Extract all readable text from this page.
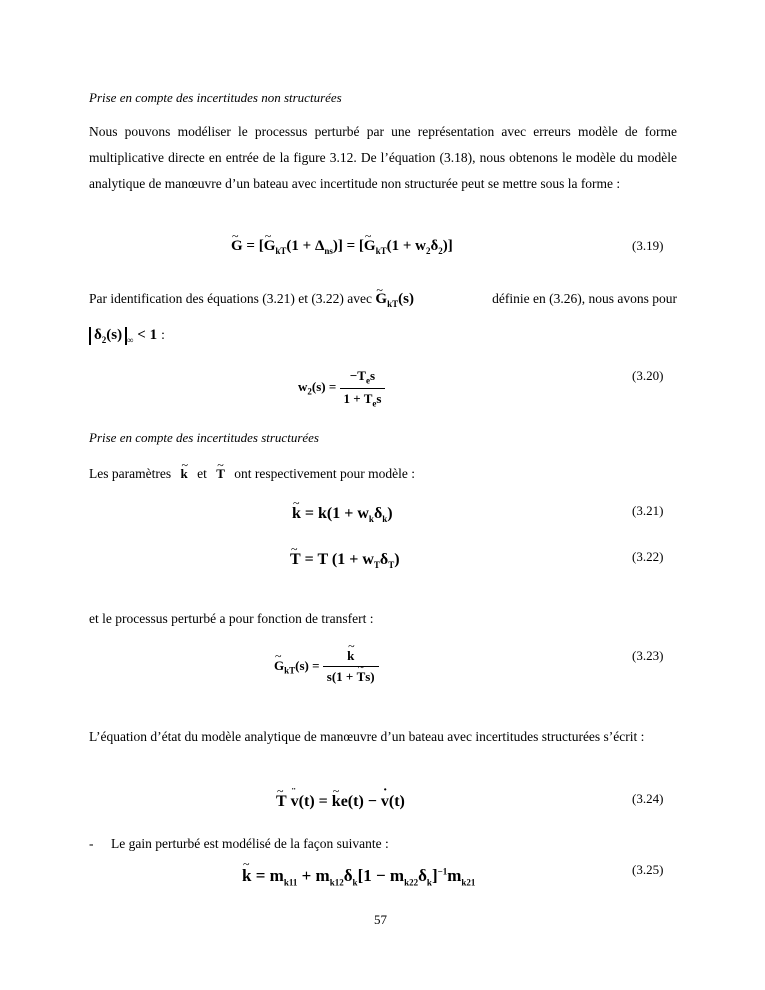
Prise en compte des incertitudes non structurées
Nous pouvons modéliser le processus perturbé par une représentation avec erreurs modèle de forme multiplicative directe en entrée de la figure 3.12. De l’équation (3.18), nous obtenons le modèle du modèle analytique de manœuvre d’un bateau avec incertitude non structurée peut se mettre sous la forme :
~ G = [~ $G_{kT}(1 + \Delta_{ns})$] = [~ $G_{kT}(1 + w_2\delta_2)$]	(3.19)
Par identification des équations (3.21) et (3.22) avec ~ $G_{kT}(s)$	définie en (3.26), nous avons pour
$\delta_2(s) _\infty < 1$ :
$w_2(s) = \frac{-T_es}{1 + T_es}$	(3.20)
Prise en compte des incertitudes structurées
Les paramètres ~ k et ~ T ont respectivement pour modèle :
~ $k = k(1 + w_k\delta_k)$	(3.21)
~ T = T $(1 + w_T\delta_T)$	(3.22)
et le processus perturbé a pour fonction de transfert :
~ $G_{kT}(s)$ = ~ $\frac{k}{s(1 + \sim Ts)}$	(3.23)
L’équation d’état du modèle analytique de manœuvre d’un bateau avec incertitudes structurées s’écrit :
~ T ¨ v(t) = ~ ke(t) − · v(t)	(3.24)
- Le gain perturbé est modélisé de la façon suivante :
~ $k = m_{k11} + m_{k12}\delta_k[1 - m_{k22}\delta_k]^{-1}m_{k21}$
(3.25)
57
